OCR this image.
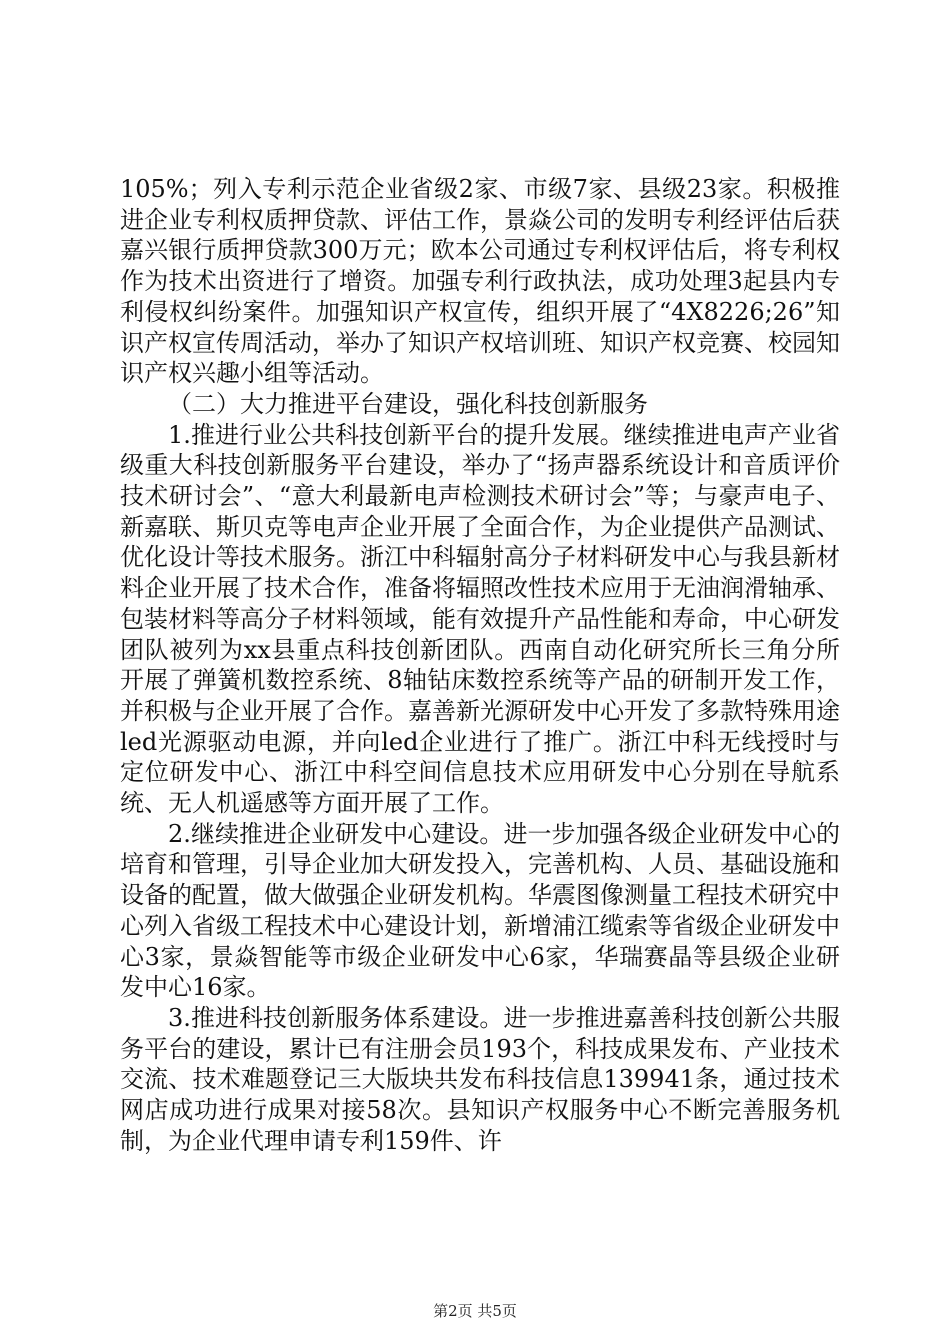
105%；列入专利示范企业省级2家、市级7家、县级23家。积极推进企业专利权质押贷款、评估工作，景焱公司的发明专利经评估后获嘉兴银行质押贷款300万元；欧本公司通过专利权评估后，将专利权作为技术出资进行了增资。加强专利行政执法，成功处理3起县内专利侵权纠纷案件。加强知识产权宣传，组织开展了“4X8226;26”知识产权宣传周活动，举办了知识产权培训班、知识产权竞赛、校园知识产权兴趣小组等活动。

（二）大力推进平台建设，强化科技创新服务

1.推进行业公共科技创新平台的提升发展。继续推进电声产业省级重大科技创新服务平台建设，举办了“扬声器系统设计和音质评价技术研讨会”、“意大利最新电声检测技术研讨会”等；与豪声电子、新嘉联、斯贝克等电声企业开展了全面合作，为企业提供产品测试、优化设计等技术服务。浙江中科辐射高分子材料研发中心与我县新材料企业开展了技术合作，准备将辐照改性技术应用于无油润滑轴承、包装材料等高分子材料领域，能有效提升产品性能和寿命，中心研发团队被列为xx县重点科技创新团队。西南自动化研究所长三角分所开展了弹簧机数控系统、8轴钻床数控系统等产品的研制开发工作，并积极与企业开展了合作。嘉善新光源研发中心开发了多款特殊用途led光源驱动电源，并向led企业进行了推广。浙江中科无线授时与定位研发中心、浙江中科空间信息技术应用研发中心分别在导航系统、无人机遥感等方面开展了工作。

2.继续推进企业研发中心建设。进一步加强各级企业研发中心的培育和管理，引导企业加大研发投入，完善机构、人员、基础设施和设备的配置，做大做强企业研发机构。华震图像测量工程技术研究中心列入省级工程技术中心建设计划，新增浦江缆索等省级企业研发中心3家，景焱智能等市级企业研发中心6家，华瑞赛晶等县级企业研发中心16家。

3.推进科技创新服务体系建设。进一步推进嘉善科技创新公共服务平台的建设，累计已有注册会员193个，科技成果发布、产业技术交流、技术难题登记三大版块共发布科技信息139941条，通过技术网店成功进行成果对接58次。县知识产权服务中心不断完善服务机制，为企业代理申请专利159件、许

第2页 共5页
